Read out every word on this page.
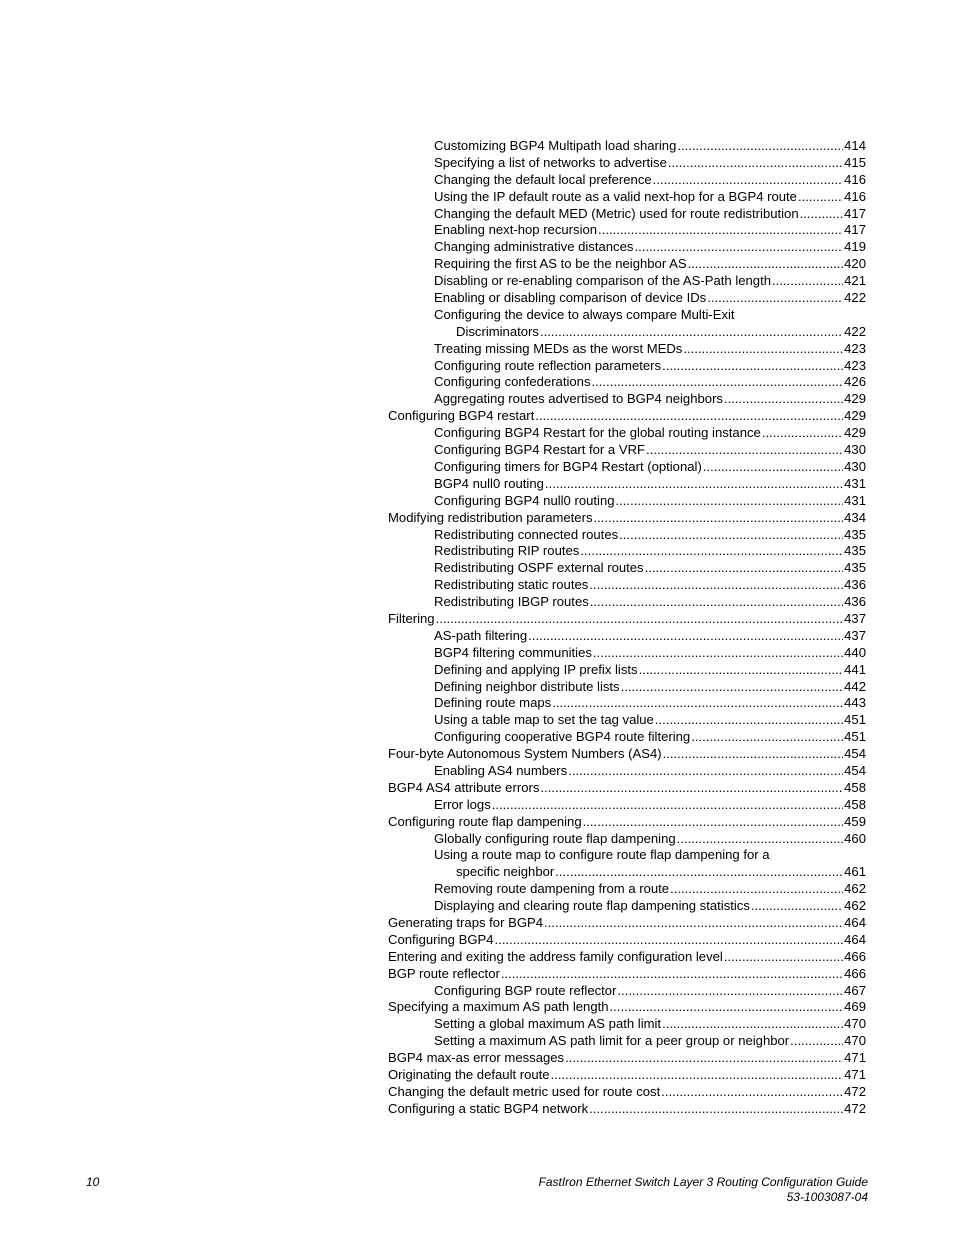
Customizing BGP4 Multipath load sharing .....	414
Specifying a list of networks to advertise .....	415
Changing the default local preference .....	416
Using the IP default route as a valid next-hop for a BGP4 route .....	416
Changing the default MED (Metric) used for route redistribution .....	417
Enabling next-hop recursion .....	417
Changing administrative distances .....	419
Requiring the first AS to be the neighbor AS .....	420
Disabling or re-enabling comparison of the AS-Path length .....	421
Enabling or disabling comparison of device IDs .....	422
Configuring the device to always compare Multi-Exit
Discriminators .....	422
Treating missing MEDs as the worst MEDs .....	423
Configuring route reflection parameters .....	423
Configuring confederations .....	426
Aggregating routes advertised to BGP4 neighbors .....	429
Configuring BGP4 restart .....	429
Configuring BGP4 Restart for the global routing instance .....	429
Configuring BGP4 Restart for a VRF .....	430
Configuring timers for BGP4 Restart (optional) .....	430
BGP4 null0 routing .....	431
Configuring BGP4 null0 routing .....	431
Modifying redistribution parameters .....	434
Redistributing connected routes .....	435
Redistributing RIP routes .....	435
Redistributing OSPF external routes .....	435
Redistributing static routes .....	436
Redistributing IBGP routes .....	436
Filtering .....	437
AS-path filtering .....	437
BGP4 filtering communities .....	440
Defining and applying IP prefix lists .....	441
Defining neighbor distribute lists .....	442
Defining route maps .....	443
Using a table map to set the tag value .....	451
Configuring cooperative BGP4 route filtering .....	451
Four-byte Autonomous System Numbers (AS4) .....	454
Enabling AS4 numbers .....	454
BGP4 AS4 attribute errors .....	458
Error logs .....	458
Configuring route flap dampening .....	459
Globally configuring route flap dampening .....	460
Using a route map to configure route flap dampening for a
specific neighbor .....	461
Removing route dampening from a route .....	462
Displaying and clearing route flap dampening statistics .....	462
Generating traps for BGP4 .....	464
Configuring BGP4 .....	464
Entering and exiting the address family configuration level .....	466
BGP route reflector .....	466
Configuring BGP route reflector .....	467
Specifying a maximum AS path length .....	469
Setting a global maximum AS path limit .....	470
Setting a maximum AS path limit for a peer group or neighbor .....	470
BGP4 max-as error messages .....	471
Originating the default route .....	471
Changing the default metric used for route cost .....	472
Configuring a static BGP4 network .....	472
10	FastIron Ethernet Switch Layer 3 Routing Configuration Guide
53-1003087-04
